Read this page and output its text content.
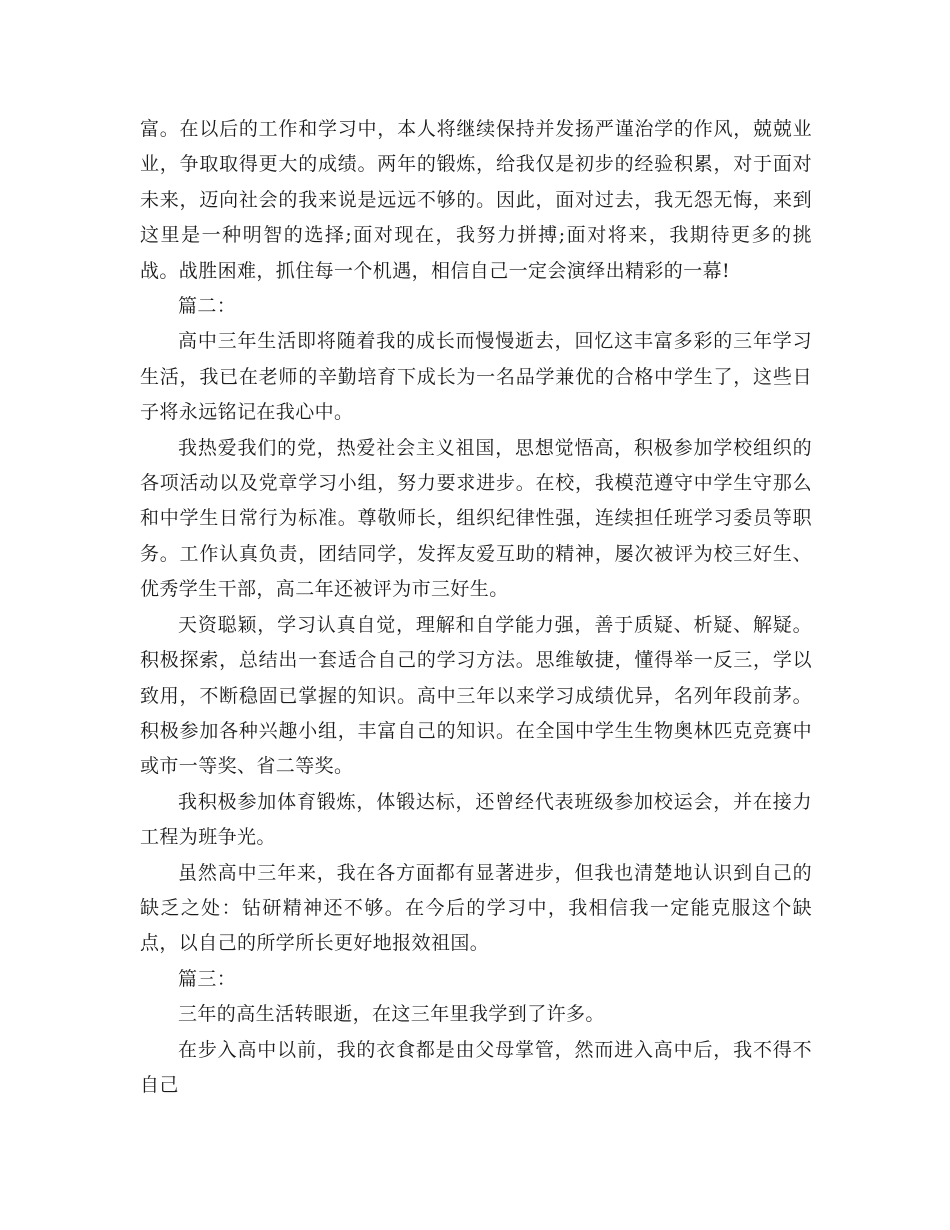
富。在以后的工作和学习中，本人将继续保持并发扬严谨治学的作风，兢兢业业，争取取得更大的成绩。两年的锻炼，给我仅是初步的经验积累，对于面对未来，迈向社会的我来说是远远不够的。因此，面对过去，我无怨无悔，来到这里是一种明智的选择;面对现在，我努力拼搏;面对将来，我期待更多的挑战。战胜困难，抓住每一个机遇，相信自己一定会演绎出精彩的一幕!

篇二：

高中三年生活即将随着我的成长而慢慢逝去，回忆这丰富多彩的三年学习生活，我已在老师的辛勤培育下成长为一名品学兼优的合格中学生了，这些日子将永远铭记在我心中。

我热爱我们的党，热爱社会主义祖国，思想觉悟高，积极参加学校组织的各项活动以及党章学习小组，努力要求进步。在校，我模范遵守中学生守那么和中学生日常行为标准。尊敬师长，组织纪律性强，连续担任班学习委员等职务。工作认真负责，团结同学，发挥友爱互助的精神，屡次被评为校三好生、优秀学生干部，高二年还被评为市三好生。

天资聪颖，学习认真自觉，理解和自学能力强，善于质疑、析疑、解疑。积极探索，总结出一套适合自己的学习方法。思维敏捷，懂得举一反三，学以致用，不断稳固已掌握的知识。高中三年以来学习成绩优异，名列年段前茅。积极参加各种兴趣小组，丰富自己的知识。在全国中学生生物奥林匹克竞赛中或市一等奖、省二等奖。

我积极参加体育锻炼，体锻达标，还曾经代表班级参加校运会，并在接力工程为班争光。

虽然高中三年来，我在各方面都有显著进步，但我也清楚地认识到自己的缺乏之处：钻研精神还不够。在今后的学习中，我相信我一定能克服这个缺点，以自己的所学所长更好地报效祖国。

篇三：

三年的高生活转眼逝，在这三年里我学到了许多。

在步入高中以前，我的衣食都是由父母掌管，然而进入高中后，我不得不自己
